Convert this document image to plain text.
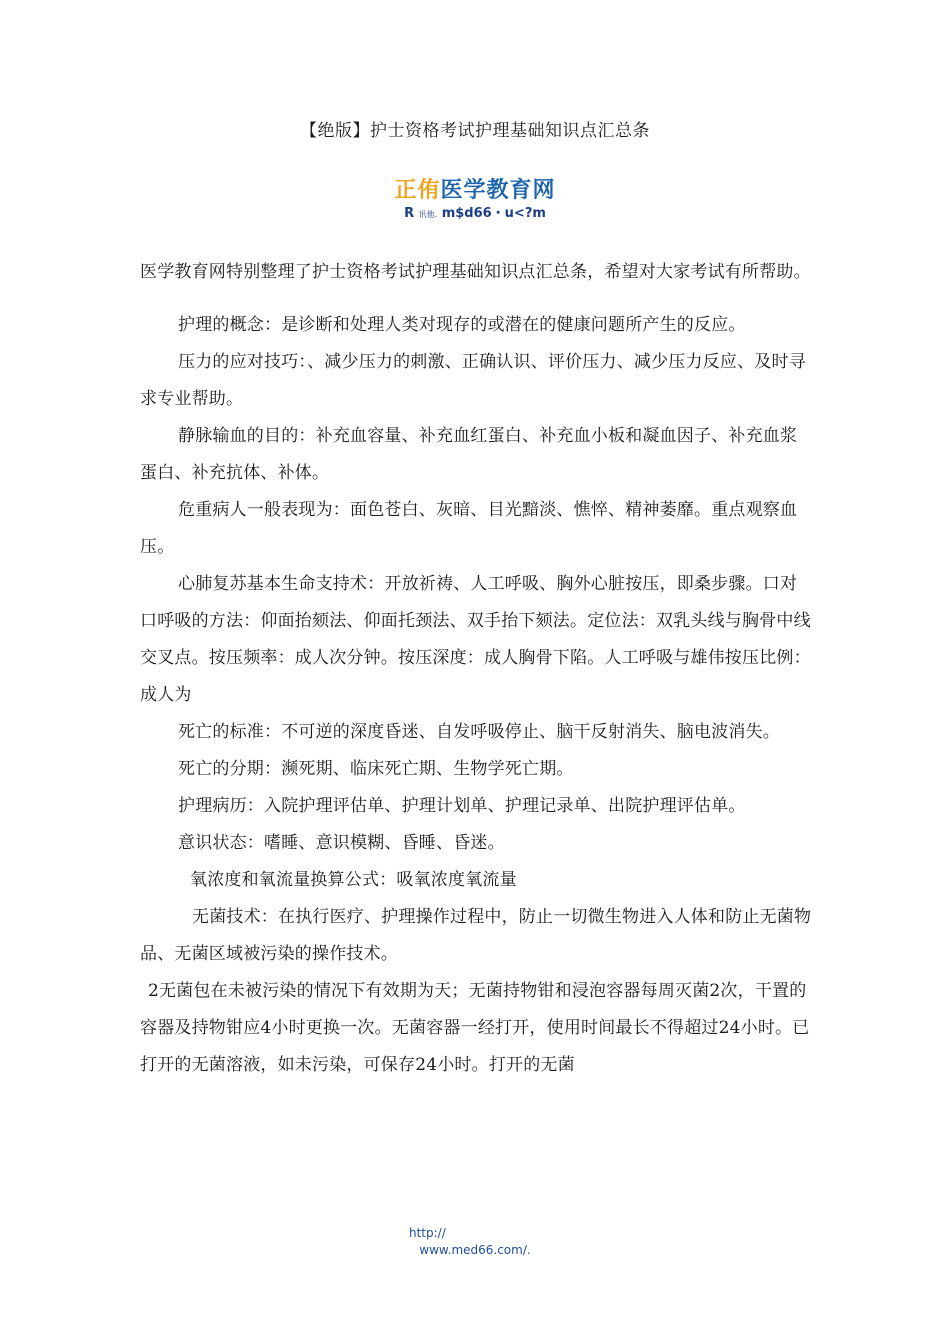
【绝版】护士资格考试护理基础知识点汇总条
正侑医学教育网
R 讯他. m$d66・u<?m

医学教育网特别整理了护士资格考试护理基础知识点汇总条，希望对大家考试有所帮助。

护理的概念：是诊断和处理人类对现存的或潜在的健康问题所产生的反应。

压力的应对技巧：、减少压力的刺激、正确认识、评价压力、减少压力反应、及时寻求专业帮助。

静脉输血的目的：补充血容量、补充血红蛋白、补充血小板和凝血因子、补充血浆蛋白、补充抗体、补体。

危重病人一般表现为：面色苍白、灰暗、目光黯淡、憔悴、精神萎靡。重点观察血压。

心肺复苏基本生命支持术：开放祈祷、人工呼吸、胸外心脏按压，即桑步骤。口对口呼吸的方法：仰面抬颏法、仰面托颈法、双手抬下颏法。定位法：双乳头线与胸骨中线交叉点。按压频率：成人次分钟。按压深度：成人胸骨下陷。人工呼吸与雄伟按压比例：成人为

死亡的标准：不可逆的深度昏迷、自发呼吸停止、脑干反射消失、脑电波消失。

死亡的分期：濒死期、临床死亡期、生物学死亡期。

护理病历：入院护理评估单、护理计划单、护理记录单、出院护理评估单。

意识状态：嗜睡、意识模糊、昏睡、昏迷。

氧浓度和氧流量换算公式：吸氧浓度氧流量

无菌技术：在执行医疗、护理操作过程中，防止一切微生物进入人体和防止无菌物品、无菌区域被污染的操作技术。

2无菌包在未被污染的情况下有效期为天；无菌持物钳和浸泡容器每周灭菌2次，干置的容器及持物钳应4小时更换一次。无菌容器一经打开，使用时间最长不得超过24小时。已打开的无菌溶液，如未污染，可保存24小时。打开的无菌

http://
www.med66.com/.
